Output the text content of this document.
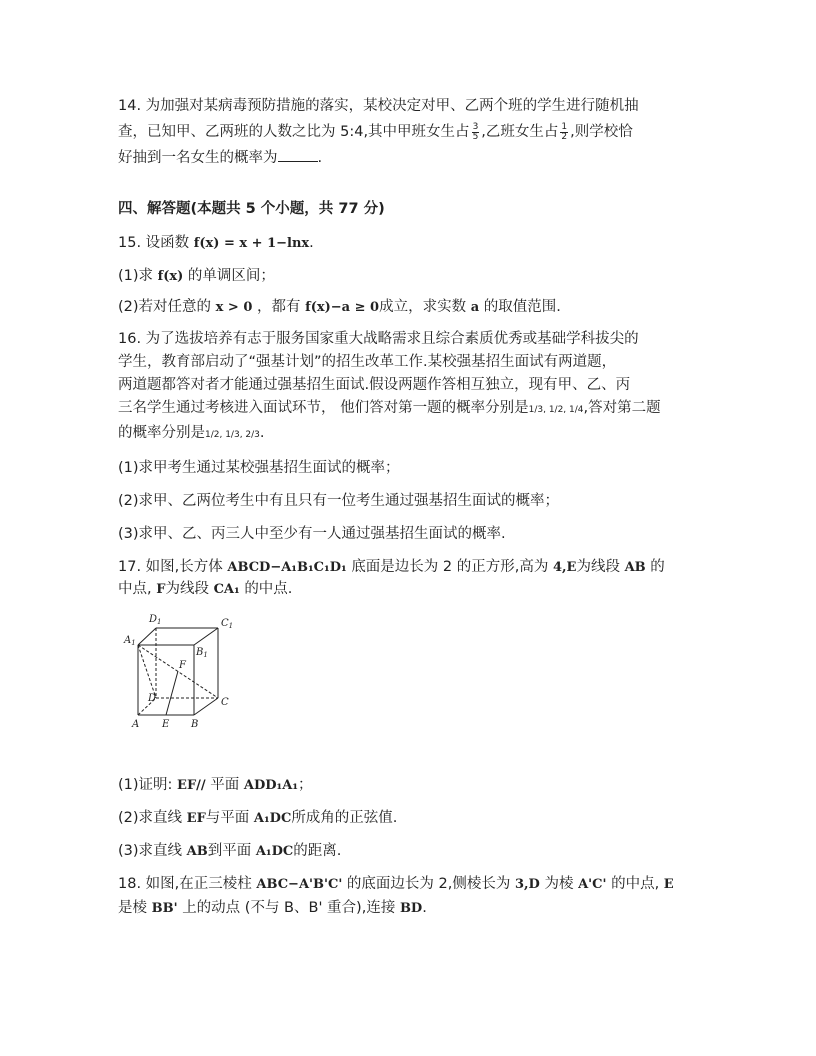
14. 为加强对某病毒预防措施的落实，某校决定对甲、乙两个班的学生进行随机抽
查，已知甲、乙两班的人数之比为 5:4,其中甲班女生占 $\frac{3}{5}$ ,乙班女生占 $\frac{1}{2}$ ,则学校恰
好抽到一名女生的概率为	.
四、解答题(本题共 5 个小题，共 77 分)
15. 设函数 f(x) = x + 1−lnx.
(1)求 f(x) 的单调区间；
(2)若对任意的 x > 0 ，都有 f(x)−a ≥ 0成立，求实数 a 的取值范围.
16. 为了选拔培养有志于服务国家重大战略需求且综合素质优秀或基础学科拔尖的
学生，教育部启动了“强基计划”的招生改革工作.某校强基招生面试有两道题，
两道题都答对者才能通过强基招生面试.假设两题作答相互独立，现有甲、乙、丙
三名学生通过考核进入面试环节， 他们答对第一题的概率分别是1/3, 1/2, 1/4,答对第二题
的概率分别是1/2, 1/3, 2/3.
(1)求甲考生通过某校强基招生面试的概率；
(2)求甲、乙两位考生中有且只有一位考生通过强基招生面试的概率；
(3)求甲、乙、丙三人中至少有一人通过强基招生面试的概率.
17. 如图,长方体 ABCD−A₁B₁C₁D₁ 底面是边长为 2 的正方形,高为 4,E为线段 AB 的
中点, F为线段 CA₁ 的中点.
$D_1$	$C_1$
$A_1$
$B_1$
F
D	C
A E B
(1)证明: EF// 平面 ADD₁A₁；
(2)求直线 EF与平面 A₁DC所成角的正弦值.
(3)求直线 AB到平面 A₁DC的距离.
18. 如图,在正三棱柱 ABC−A'B'C' 的底面边长为 2,侧棱长为 3,D 为棱 A'C' 的中点, E
是棱 BB' 上的动点 (不与 B、B' 重合),连接 BD.
